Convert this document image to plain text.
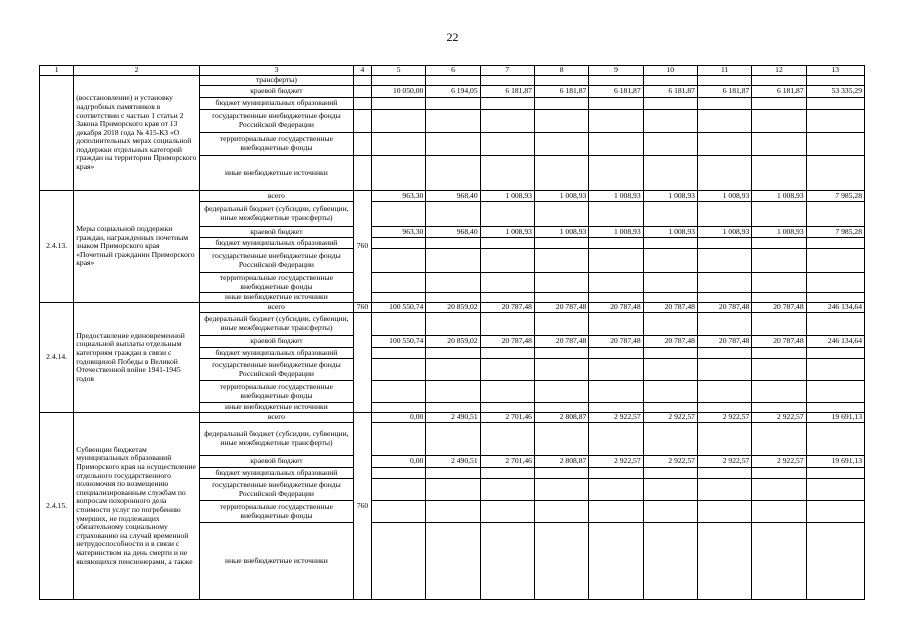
22
1	2	3	4	5	6	7	8	9	10	11	12	13
	(восстановление) и установку надгробных памятников в соответствии с частью 1 статьи 2 Закона Приморского края от 13 декабря 2018 года № 415-КЗ «О дополнительных мерах социальной поддержки отдельных категорий граждан на территории Приморского края»	трансферты)										
		краевой бюджет		10 050,00	6 194,05	6 181,87	6 181,87	6 181,87	6 181,87	6 181,87	6 181,87	53 335,29
		бюджет муниципальных образований										
		государственные внебюджетные фонды Российской Федерации										
		территориальные государственные внебюджетные фонды										
		иные внебюджетные источники										
2.4.13.	Меры социальной поддержки граждан, награжденных почетным знаком Приморского края «Почетный гражданин Приморского края»	всего	760	963,30	968,40	1 008,93	1 008,93	1 008,93	1 008,93	1 008,93	1 008,93	7 985,28
		федеральный бюджет (субсидии, субвенции, иные межбюджетные трансферты)										
		краевой бюджет		963,30	968,40	1 008,93	1 008,93	1 008,93	1 008,93	1 008,93	1 008,93	7 985,28
		бюджет муниципальных образований										
		государственные внебюджетные фонды Российской Федерации										
		территориальные государственные внебюджетные фонды										
		иные внебюджетные источники										
2.4.14.	Предоставление единовременной социальной выплаты отдельным категориям граждан в связи с годовщиной Победы в Великой Отечественной войне 1941-1945 годов	всего	760	100 550,74	20 859,02	20 787,48	20 787,48	20 787,48	20 787,48	20 787,48	20 787,48	246 134,64
		федеральный бюджет (субсидии, субвенции, иные межбюджетные трансферты)										
		краевой бюджет		100 550,74	20 859,02	20 787,48	20 787,48	20 787,48	20 787,48	20 787,48	20 787,48	246 134,64
		бюджет муниципальных образований										
		государственные внебюджетные фонды Российской Федерации										
		территориальные государственные внебюджетные фонды										
		иные внебюджетные источники										
2.4.15.	Субвенции бюджетам муниципальных образований Приморского края на осуществление отдельного государственного полномочия по возмещению специализированным службам по вопросам похоронного дела стоимости услуг по погребению умерших, не подлежащих обязательному социальному страхованию на случай временной нетрудоспособности и в связи с материнством на день смерти и не являющихся пенсионерами, а также	всего	760	0,00	2 490,51	2 701,46	2 808,87	2 922,57	2 922,57	2 922,57	2 922,57	19 691,13
		федеральный бюджет (субсидии, субвенции, иные межбюджетные трансферты)										
		краевой бюджет		0,00	2 490,51	2 701,46	2 808,87	2 922,57	2 922,57	2 922,57	2 922,57	19 691,13
		бюджет муниципальных образований										
		государственные внебюджетные фонды Российской Федерации										
		территориальные государственные внебюджетные фонды										
		иные внебюджетные источники										
